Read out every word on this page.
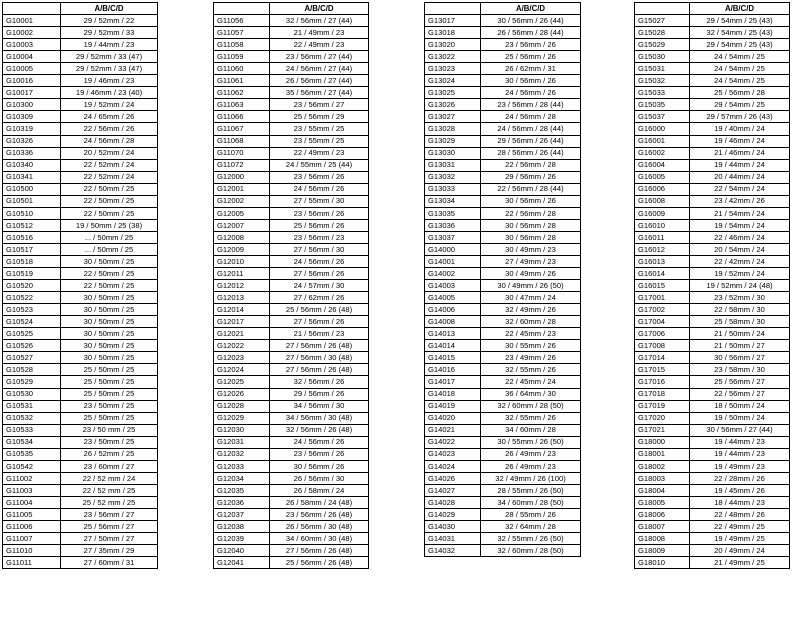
	A/B/C/D
G10001	29 / 52mm / 22
G10002	29 / 52mm / 33
G10003	19 / 44mm / 23
G10004	29 / 52mm / 33 (47)
G10005	29 / 52mm / 33 (47)
G10016	19 / 46mm / 23
G10017	19 / 46mm / 23 (40)
G10300	19 / 52mm / 24
G10309	24 / 65mm / 26
G10319	22 / 56mm / 26
G10326	24 / 56mm / 28
G10336	20 / 52mm / 24
G10340	22 / 52mm / 24
G10341	22 / 52mm / 24
G10500	22 / 50mm / 25
G10501	22 / 50mm / 25
G10510	22 / 50mm / 25
G10512	19 / 50mm / 25 (38)
G10516	... / 50mm / 25
G10517	... / 50mm / 25
G10518	30 / 50mm / 25
G10519	22 / 50mm / 25
G10520	22 / 50mm / 25
G10522	30 / 50mm / 25
G10523	30 / 50mm / 25
G10524	30 / 50mm / 25
G10525	30 / 50mm / 25
G10526	30 / 50mm / 25
G10527	30 / 50mm / 25
G10528	25 / 50mm / 25
G10529	25 / 50mm / 25
G10530	25 / 50mm / 25
G10531	23 / 50mm / 25
G10532	25 / 50mm / 25
G10533	23 / 50 mm / 25
G10534	23 / 50mm / 25
G10535	26 / 52mm / 25
G10542	23 / 60mm / 27
G11002	22 / 52 mm / 24
G11003	22 / 52 mm / 25
G11004	25 / 52 mm / 25
G11005	23 / 56mm / 27
G11006	25 / 56mm / 27
G11007	27 / 50mm / 27
G11010	27 / 35mm / 29
G11011	27 / 60mm / 31
	A/B/C/D
G11056	32 / 56mm / 27 (44)
G11057	21 / 49mm / 23
G11058	22 / 49mm / 23
G11059	23 / 56mm / 27 (44)
G11060	24 / 56mm / 27 (44)
G11061	26 / 56mm / 27 (44)
G11062	35 / 56mm / 27 (44)
G11063	23 / 56mm / 27
G11066	25 / 56mm / 29
G11067	23 / 55mm / 25
G11068	23 / 55mm / 25
G11070	22 / 49mm / 23
G11072	24 / 55mm / 25 (44)
G12000	23 / 56mm / 26
G12001	24 / 56mm / 26
G12002	27 / 55mm / 30
G12005	23 / 56mm / 26
G12007	25 / 56mm / 26
G12008	23 / 56mm / 23
G12009	27 / 56mm / 30
G12010	24 / 56mm / 26
G12011	27 / 56mm / 26
G12012	24 / 57mm / 30
G12013	27 / 62mm / 26
G12014	25 / 56mm / 26 (48)
G12017	27 / 56mm / 26
G12021	21 / 56mm / 23
G12022	27 / 56mm / 26 (48)
G12023	27 / 56mm / 30 (48)
G12024	27 / 56mm / 26 (48)
G12025	32 / 56mm / 26
G12026	29 / 56mm / 26
G12028	34 / 56mm / 30
G12029	34 / 56mm / 30 (48)
G12030	32 / 56mm / 26 (48)
G12031	24 / 56mm / 26
G12032	23 / 56mm / 26
G12033	30 / 56mm / 26
G12034	26 / 56mm / 30
G12035	26 / 58mm / 24
G12036	26 / 58mm / 24 (48)
G12037	23 / 56mm / 26 (48)
G12038	26 / 56mm / 30 (48)
G12039	34 / 60mm / 30 (48)
G12040	27 / 56mm / 26 (48)
G12041	25 / 56mm / 26 (48)
	A/B/C/D
G13017	30 / 56mm / 26 (44)
G13018	26 / 56mm / 28 (44)
G13020	23 / 56mm / 26
G13022	25 / 56mm / 26
G13023	26 / 62mm / 31
G13024	30 / 56mm / 26
G13025	24 / 56mm / 26
G13026	23 / 56mm / 28 (44)
G13027	24 / 56mm / 28
G13028	24 / 56mm / 28 (44)
G13029	29 / 56mm / 26 (44)
G13030	28 / 56mm / 26 (44)
G13031	22 / 56mm / 28
G13032	29 / 56mm / 26
G13033	22 / 56mm / 28 (44)
G13034	30 / 56mm / 26
G13035	22 / 56mm / 28
G13036	30 / 56mm / 28
G13037	30 / 56mm / 28
G14000	30 / 49mm / 23
G14001	27 / 49mm / 23
G14002	30 / 49mm / 26
G14003	30 / 49mm / 26 (50)
G14005	30 / 47mm / 24
G14006	32 / 49mm / 26
G14008	32 / 60mm / 28
G14013	22 / 45mm / 23
G14014	30 / 55mm / 26
G14015	23 / 49mm / 26
G14016	32 / 55mm / 26
G14017	22 / 45mm / 24
G14018	36 / 64mm / 30
G14019	32 / 60mm / 28 (50)
G14020	32 / 55mm / 26
G14021	34 / 60mm / 28
G14022	30 / 55mm / 26 (50)
G14023	26 / 49mm / 23
G14024	26 / 49mm / 23
G14026	32 / 49mm / 26 (100)
G14027	28 / 55mm / 26 (50)
G14028	34 / 60mm / 28 (50)
G14029	28 / 55mm / 26
G14030	32 / 64mm / 28
G14031	32 / 55mm / 26 (50)
G14032	32 / 60mm / 28 (50)
	A/B/C/D
G15027	29 / 54mm / 25 (43)
G15028	32 / 54mm / 25 (43)
G15029	29 / 54mm / 25 (43)
G15030	24 / 54mm / 25
G15031	24 / 54mm / 25
G15032	24 / 54mm / 25
G15033	25 / 56mm / 28
G15035	29 / 54mm / 25
G15037	29 / 57mm / 26 (43)
G16000	19 / 40mm / 24
G16001	19 / 46mm / 24
G16002	21 / 46mm / 24
G16004	19 / 44mm / 24
G16005	20 / 44mm / 24
G16006	22 / 54mm / 24
G16008	23 / 42mm / 26
G16009	21 / 54mm / 24
G16010	19 / 54mm / 24
G16011	22 / 46mm / 24
G16012	20 / 54mm / 24
G16013	22 / 42mm / 24
G16014	19 / 52mm / 24
G16015	19 / 52mm / 24 (48)
G17001	23 / 52mm / 30
G17002	22 / 58mm / 30
G17004	25 / 58mm / 30
G17006	21 / 50mm / 24
G17008	21 / 50mm / 27
G17014	30 / 56mm / 27
G17015	23 / 58mm / 30
G17016	25 / 56mm / 27
G17018	22 / 56mm / 27
G17019	18 / 50mm / 24
G17020	19 / 50mm / 24
G17021	30 / 56mm / 27 (44)
G18000	19 / 44mm / 23
G18001	19 / 44mm / 23
G18002	19 / 49mm / 23
G18003	22 / 28mm / 26
G18004	19 / 45mm / 26
G18005	18 / 44mm / 23
G18006	22 / 48mm / 26
G18007	22 / 49mm / 25
G18008	19 / 49mm / 25
G18009	20 / 49mm / 24
G18010	21 / 49mm / 25
